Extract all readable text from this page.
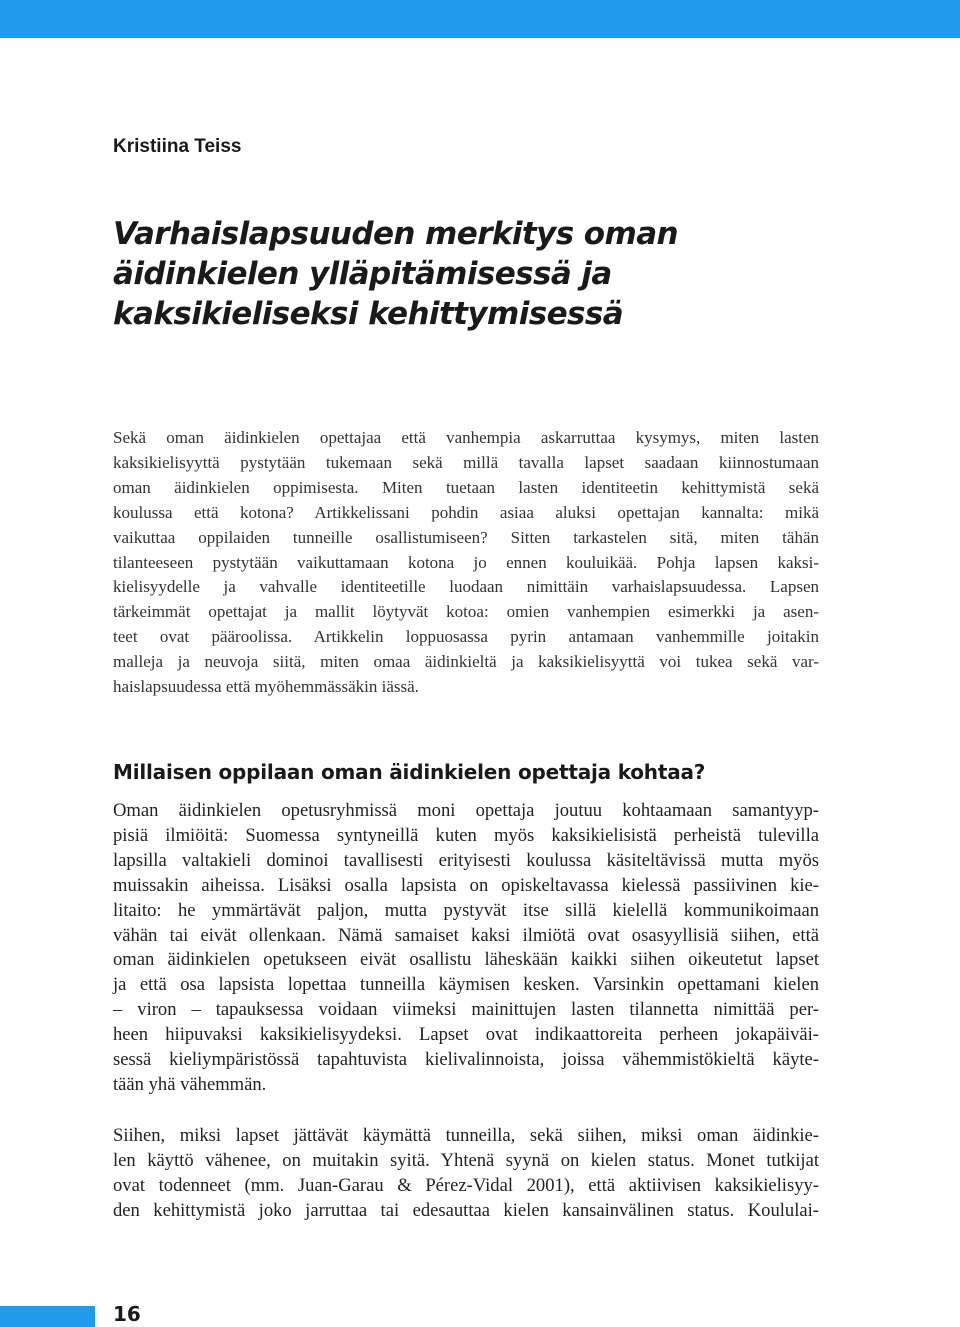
Kristiina Teiss

Varhaislapsuuden merkitys oman
äidinkielen ylläpitämisessä ja
kaksikieliseksi kehittymisessä
Sekä oman äidinkielen opettajaa että vanhempia askarruttaa kysymys, miten lasten
kaksikielisyyttä pystytään tukemaan sekä millä tavalla lapset saadaan kiinnostumaan
oman äidinkielen oppimisesta. Miten tuetaan lasten identiteetin kehittymistä sekä
koulussa että kotona? Artikkelissani pohdin asiaa aluksi opettajan kannalta: mikä
vaikuttaa oppilaiden tunneille osallistumiseen? Sitten tarkastelen sitä, miten tähän
tilanteeseen pystytään vaikuttamaan kotona jo ennen kouluikää. Pohja lapsen kaksi-
kielisyydelle ja vahvalle identiteetille luodaan nimittäin varhaislapsuudessa. Lapsen
tärkeimmät opettajat ja mallit löytyvät kotoa: omien vanhempien esimerkki ja asen-
teet ovat pääroolissa. Artikkelin loppuosassa pyrin antamaan vanhemmille joitakin
malleja ja neuvoja siitä, miten omaa äidinkieltä ja kaksikielisyyttä voi tukea sekä var-
haislapsuudessa että myöhemmässäkin iässä.
Millaisen oppilaan oman äidinkielen opettaja kohtaa?
Oman äidinkielen opetusryhmissä moni opettaja joutuu kohtaamaan samantyyp-
pisiä ilmiöitä: Suomessa syntyneillä kuten myös kaksikielisistä perheistä tulevilla
lapsilla valtakieli dominoi tavallisesti erityisesti koulussa käsiteltävissä mutta myös
muissakin aiheissa. Lisäksi osalla lapsista on opiskeltavassa kielessä passiivinen kie-
litaito: he ymmärtävät paljon, mutta pystyvät itse sillä kielellä kommunikoimaan
vähän tai eivät ollenkaan. Nämä samaiset kaksi ilmiötä ovat osasyyllisiä siihen, että
oman äidinkielen opetukseen eivät osallistu läheskään kaikki siihen oikeutetut lapset
ja että osa lapsista lopettaa tunneilla käymisen kesken. Varsinkin opettamani kielen
– viron – tapauksessa voidaan viimeksi mainittujen lasten tilannetta nimittää per-
heen hiipuvaksi kaksikielisyydeksi. Lapset ovat indikaattoreita perheen jokapäiväi-
sessä kieliympäristössä tapahtuvista kielivalinnoista, joissa vähemmistökieltä käyte-
tään yhä vähemmän.
Siihen, miksi lapset jättävät käymättä tunneilla, sekä siihen, miksi oman äidinkie-
len käyttö vähenee, on muitakin syitä. Yhtenä syynä on kielen status. Monet tutkijat
ovat todenneet (mm. Juan-Garau & Pérez-Vidal 2001), että aktiivisen kaksikielisyy-
den kehittymistä joko jarruttaa tai edesauttaa kielen kansainvälinen status. Koululai-

16
